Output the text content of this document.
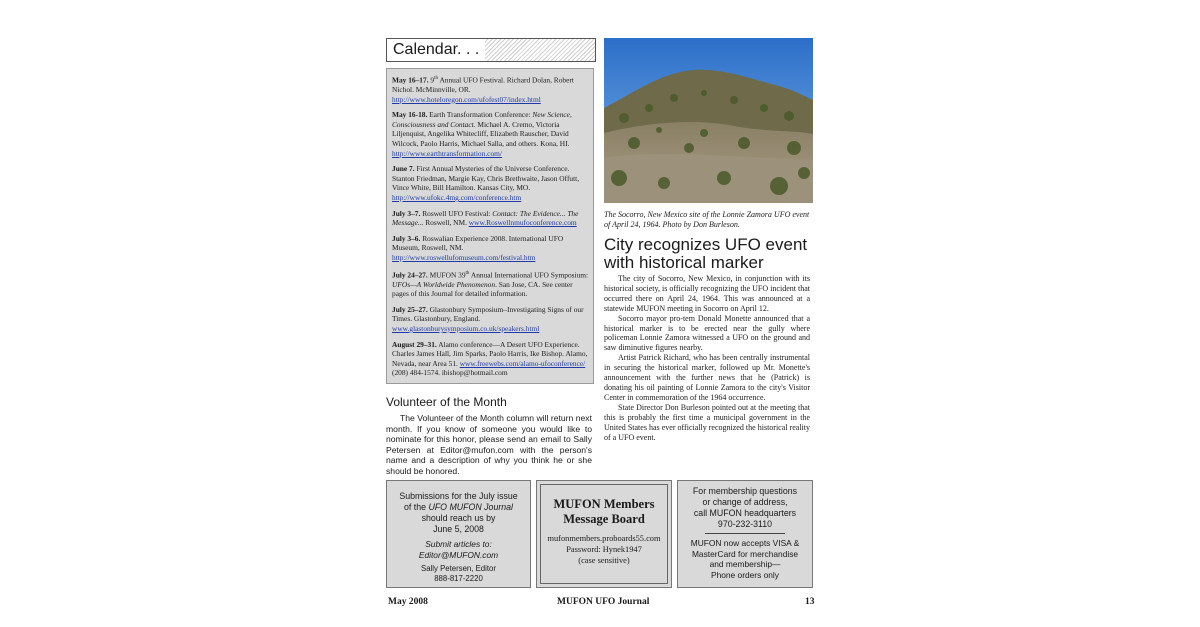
Calendar. . .
May 16–17. 9th Annual UFO Festival. Richard Dolan, Robert Nichol. McMinnville, OR. http://www.hoteloregon.com/ufofest07/index.html
May 16-18. Earth Transformation Conference: New Science, Consciousness and Contact. Michael A. Cremo, Victoria Liljenquist, Angelika Whitecliff, Elizabeth Rauscher, David Wilcock, Paolo Harris, Michael Salla, and others. Kona, HI. http://www.earthtransformation.com/
June 7. First Annual Mysteries of the Universe Conference. Stanton Friedman, Margie Kay, Chris Brethwaite, Jason Offutt, Vince White, Bill Hamilton. Kansas City, MO. http://www.ufokc.4mg.com/conference.htm
July 3–7. Roswell UFO Festival: Contact: The Evidence... The Message... Roswell, NM. www.Roswellnmufoconference.com
July 3–6. Roswalian Experience 2008. International UFO Museum, Roswell, NM. http://www.roswellufomuseum.com/festival.htm
July 24–27. MUFON 39th Annual International UFO Symposium: UFOs—A Worldwide Phenomenon. San Jose, CA. See center pages of this Journal for detailed information.
July 25–27. Glastonbury Symposium–Investigating Signs of our Times. Glastonbury, England. www.glastonburysymposium.co.uk/speakers.html
August 29–31. Alamo conference—A Desert UFO Experience. Charles James Hall, Jim Sparks, Paolo Harris, Ike Bishop. Alamo, Nevada, near Area 51. www.freewebs.com/alamo-ufoconference/ (208) 484-1574. ibishop@hotmail.com
Volunteer of the Month
The Volunteer of the Month column will return next month. If you know of someone you would like to nominate for this honor, please send an email to Sally Petersen at Editor@mufon.com with the person's name and a description of why you think he or she should be honored.
Submissions for the July issue of the UFO MUFON Journal should reach us by
June 5, 2008
Submit articles to:
Editor@MUFON.com
Sally Petersen, Editor
888-817-2220
MUFON Members
Message Board
mufonmembers.proboards55.com
Password: Hynek1947
(case sensitive)
For membership questions
or change of address,
call MUFON headquarters
970-232-3110
MUFON now accepts VISA &
MasterCard for merchandise
and membership—
Phone orders only
The Socorro, New Mexico site of the Lonnie Zamora UFO event of April 24, 1964. Photo by Don Burleson.
City recognizes UFO event with historical marker

The city of Socorro, New Mexico, in conjunction with its historical society, is officially recognizing the UFO incident that occurred there on April 24, 1964. This was announced at a statewide MUFON meeting in Socorro on April 12.

Socorro mayor pro-tem Donald Monette announced that a historical marker is to be erected near the gully where policeman Lonnie Zamora witnessed a UFO on the ground and saw diminutive figures nearby.

Artist Patrick Richard, who has been centrally instrumental in securing the historical marker, followed up Mr. Monette's announcement with the further news that he (Patrick) is donating his oil painting of Lonnie Zamora to the city's Visitor Center in commemoration of the 1964 occurrence.

State Director Don Burleson pointed out at the meeting that this is probably the first time a municipal government in the United States has ever officially recognized the historical reality of a UFO event.

May 2008	MUFON UFO Journal	13
